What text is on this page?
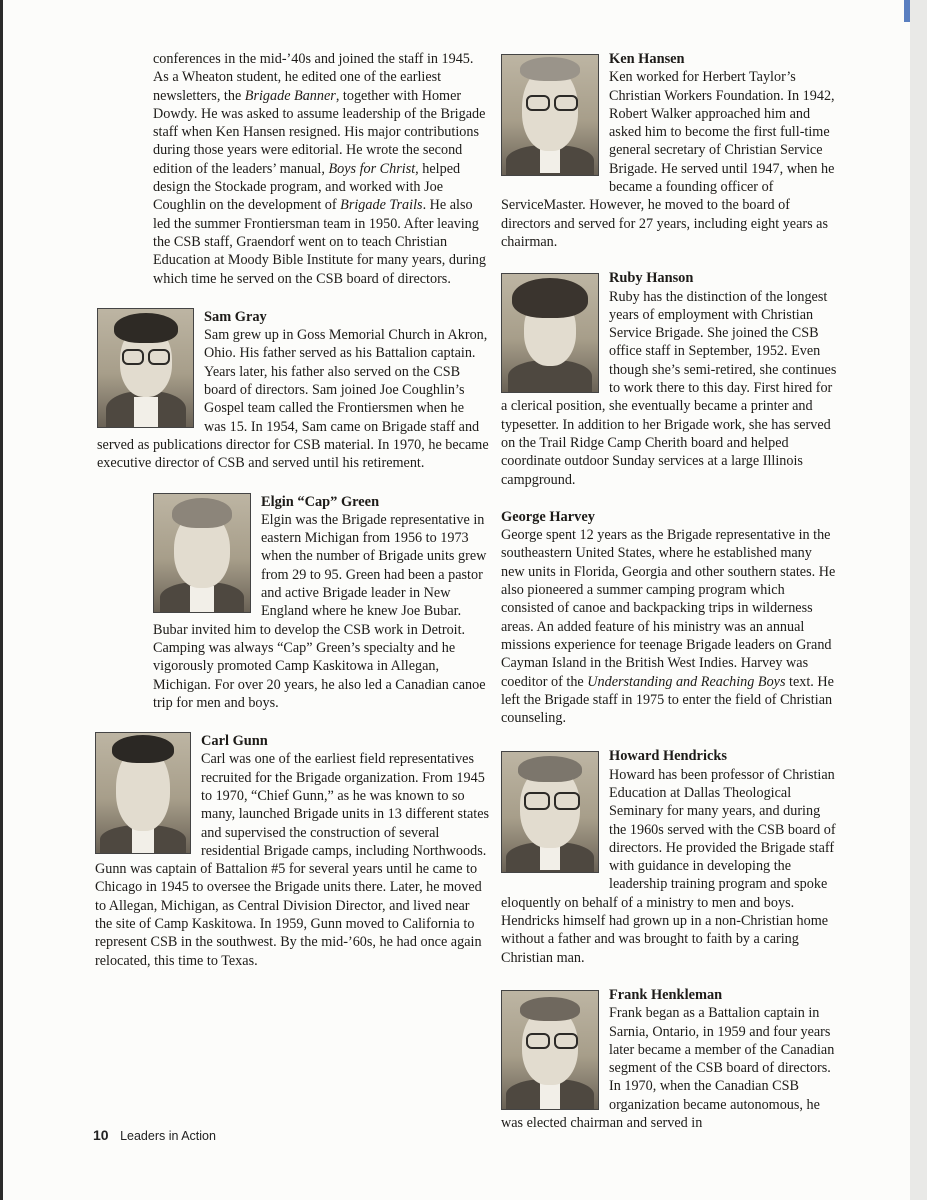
conferences in the mid-’40s and joined the staff in 1945. As a Wheaton student, he edited one of the earliest newsletters, the Brigade Banner, together with Homer Dowdy. He was asked to assume leadership of the Brigade staff when Ken Hansen resigned. His major contributions during those years were editorial. He wrote the second edition of the leaders’ manual, Boys for Christ, helped design the Stockade program, and worked with Joe Coughlin on the development of Brigade Trails. He also led the summer Frontiersman team in 1950. After leaving the CSB staff, Graendorf went on to teach Christian Education at Moody Bible Institute for many years, during which time he served on the CSB board of directors.

Sam Gray

Sam grew up in Goss Memorial Church in Akron, Ohio. His father served as his Battalion captain. Years later, his father also served on the CSB board of directors. Sam joined Joe Coughlin’s Gospel team called the Frontiersmen when he was 15. In 1954, Sam came on Brigade staff and served as publications director for CSB material. In 1970, he became executive director of CSB and served until his retirement.

Elgin “Cap” Green

Elgin was the Brigade representative in eastern Michigan from 1956 to 1973 when the number of Brigade units grew from 29 to 95. Green had been a pastor and active Brigade leader in New England where he knew Joe Bubar. Bubar invited him to develop the CSB work in Detroit. Camping was always “Cap” Green’s specialty and he vigorously promoted Camp Kaskitowa in Allegan, Michigan. For over 20 years, he also led a Canadian canoe trip for men and boys.

Carl Gunn

Carl was one of the earliest field representatives recruited for the Brigade organization. From 1945 to 1970, “Chief Gunn,” as he was known to so many, launched Brigade units in 13 different states and supervised the construction of several residential Brigade camps, including Northwoods. Gunn was captain of Battalion #5 for several years until he came to Chicago in 1945 to oversee the Brigade units there. Later, he moved to Allegan, Michigan, as Central Division Director, and lived near the site of Camp Kaskitowa. In 1959, Gunn moved to California to represent CSB in the southwest. By the mid-’60s, he had once again relocated, this time to Texas.

Ken Hansen

Ken worked for Herbert Taylor’s Christian Workers Foundation. In 1942, Robert Walker approached him and asked him to become the first full-time general secretary of Christian Service Brigade. He served until 1947, when he became a founding officer of ServiceMaster. However, he moved to the board of directors and served for 27 years, including eight years as chairman.

Ruby Hanson

Ruby has the distinction of the longest years of employment with Christian Service Brigade. She joined the CSB office staff in September, 1952. Even though she’s semi-retired, she continues to work there to this day. First hired for a clerical position, she eventually became a printer and typesetter. In addition to her Brigade work, she has served on the Trail Ridge Camp Cherith board and helped coordinate outdoor Sunday services at a large Illinois campground.

George Harvey

George spent 12 years as the Brigade representative in the southeastern United States, where he established many new units in Florida, Georgia and other southern states. He also pioneered a summer camping program which consisted of canoe and backpacking trips in wilderness areas. An added feature of his ministry was an annual missions experience for teenage Brigade leaders on Grand Cayman Island in the British West Indies. Harvey was coeditor of the Understanding and Reaching Boys text. He left the Brigade staff in 1975 to enter the field of Christian counseling.

Howard Hendricks

Howard has been professor of Christian Education at Dallas Theological Seminary for many years, and during the 1960s served with the CSB board of directors. He provided the Brigade staff with guidance in developing the leadership training program and spoke eloquently on behalf of a ministry to men and boys. Hendricks himself had grown up in a non-Christian home without a father and was brought to faith by a caring Christian man.

Frank Henkleman

Frank began as a Battalion captain in Sarnia, Ontario, in 1959 and four years later became a member of the Canadian segment of the CSB board of directors. In 1970, when the Canadian CSB organization became autonomous, he was elected chairman and served in

10 Leaders in Action
